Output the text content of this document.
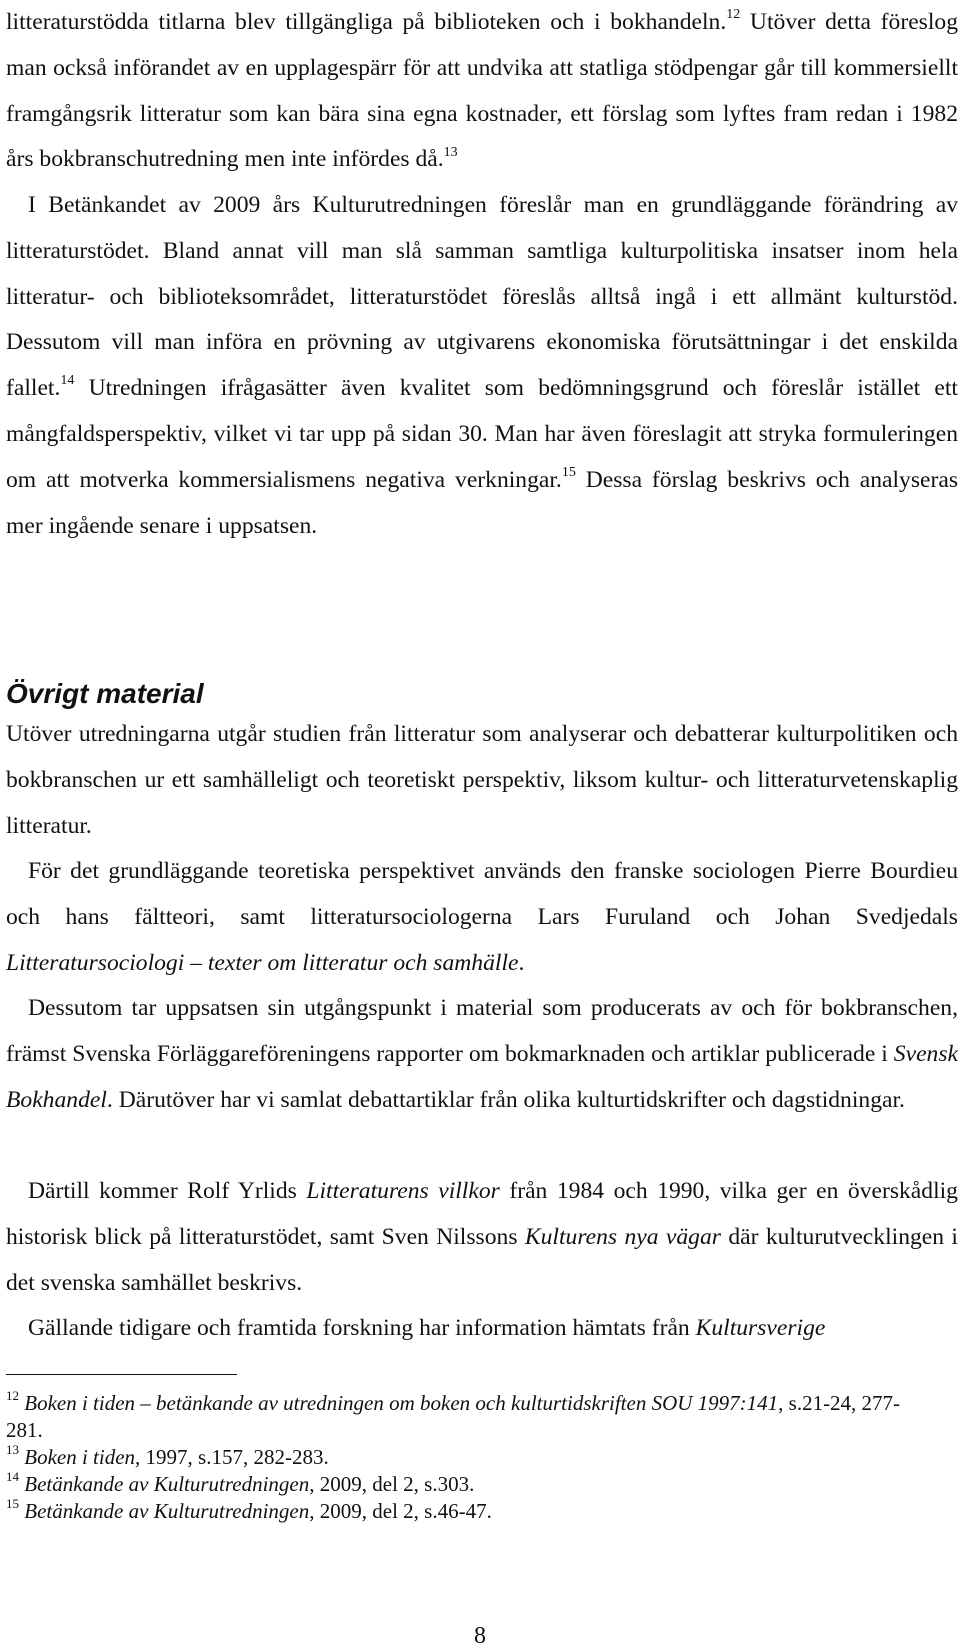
litteraturstödda titlarna blev tillgängliga på biblioteken och i bokhandeln.$^{12}$ Utöver detta föreslog man också införandet av en upplagespärr för att undvika att statliga stödpengar går till kommersiellt framgångsrik litteratur som kan bära sina egna kostnader, ett förslag som lyftes fram redan i 1982 års bokbranschutredning men inte infördes då.$^{13}$

I Betänkandet av 2009 års Kulturutredningen föreslår man en grundläggande förändring av litteraturstödet. Bland annat vill man slå samman samtliga kulturpolitiska insatser inom hela litteratur- och biblioteksområdet, litteraturstödet föreslås alltså ingå i ett allmänt kulturstöd. Dessutom vill man införa en prövning av utgivarens ekonomiska förutsättningar i det enskilda fallet.$^{14}$ Utredningen ifrågasätter även kvalitet som bedömningsgrund och föreslår istället ett mångfaldsperspektiv, vilket vi tar upp på sidan 30. Man har även föreslagit att stryka formuleringen om att motverka kommersialismens negativa verkningar.$^{15}$ Dessa förslag beskrivs och analyseras mer ingående senare i uppsatsen.

Övrigt material

Utöver utredningarna utgår studien från litteratur som analyserar och debatterar kulturpolitiken och bokbranschen ur ett samhälleligt och teoretiskt perspektiv, liksom kultur- och litteraturvetenskaplig litteratur.

För det grundläggande teoretiska perspektivet används den franske sociologen Pierre Bourdieu och hans fältteori, samt litteratursociologerna Lars Furuland och Johan Svedjedals Litteratursociologi – texter om litteratur och samhälle.

Dessutom tar uppsatsen sin utgångspunkt i material som producerats av och för bokbranschen, främst Svenska Förläggareföreningens rapporter om bokmarknaden och artiklar publicerade i Svensk Bokhandel. Därutöver har vi samlat debattartiklar från olika kulturtidskrifter och dagstidningar.

Därtill kommer Rolf Yrlids Litteraturens villkor från 1984 och 1990, vilka ger en överskådlig historisk blick på litteraturstödet, samt Sven Nilssons Kulturens nya vägar där kulturutvecklingen i det svenska samhället beskrivs.

Gällande tidigare och framtida forskning har information hämtats från Kultursverige

$^{12}$ Boken i tiden – betänkande av utredningen om boken och kulturtidskriften SOU 1997:141, s.21-24, 277-281.

$^{13}$ Boken i tiden, 1997, s.157, 282-283.

$^{14}$ Betänkande av Kulturutredningen, 2009, del 2, s.303.

$^{15}$ Betänkande av Kulturutredningen, 2009, del 2, s.46-47.

8
